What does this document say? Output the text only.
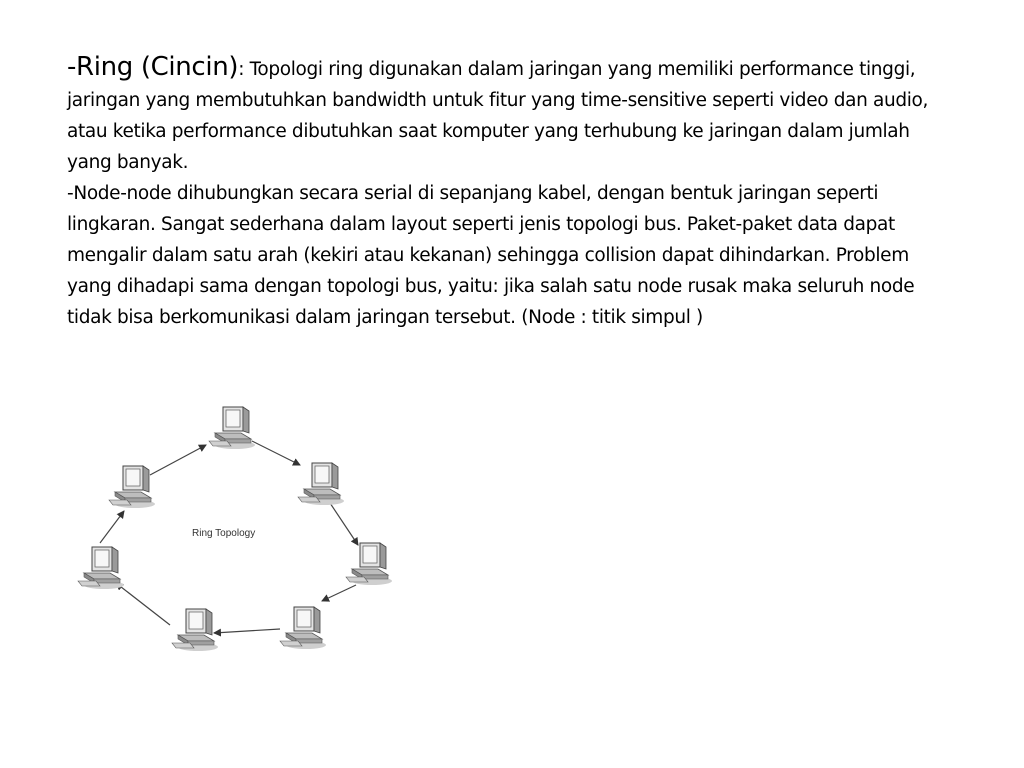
-Ring (Cincin): Topologi ring digunakan dalam jaringan yang memiliki performance tinggi, jaringan yang membutuhkan bandwidth untuk fitur yang time-sensitive seperti video dan audio, atau ketika performance dibutuhkan saat komputer yang terhubung ke jaringan dalam jumlah yang banyak.

-Node-node dihubungkan secara serial di sepanjang kabel, dengan bentuk jaringan seperti lingkaran. Sangat sederhana dalam layout seperti jenis topologi bus. Paket-paket data dapat mengalir dalam satu arah (kekiri atau kekanan) sehingga collision dapat dihindarkan. Problem yang dihadapi sama dengan topologi bus, yaitu: jika salah satu node rusak maka seluruh node tidak bisa berkomunikasi dalam jaringan tersebut. (Node : titik simpul )

Ring Topology
